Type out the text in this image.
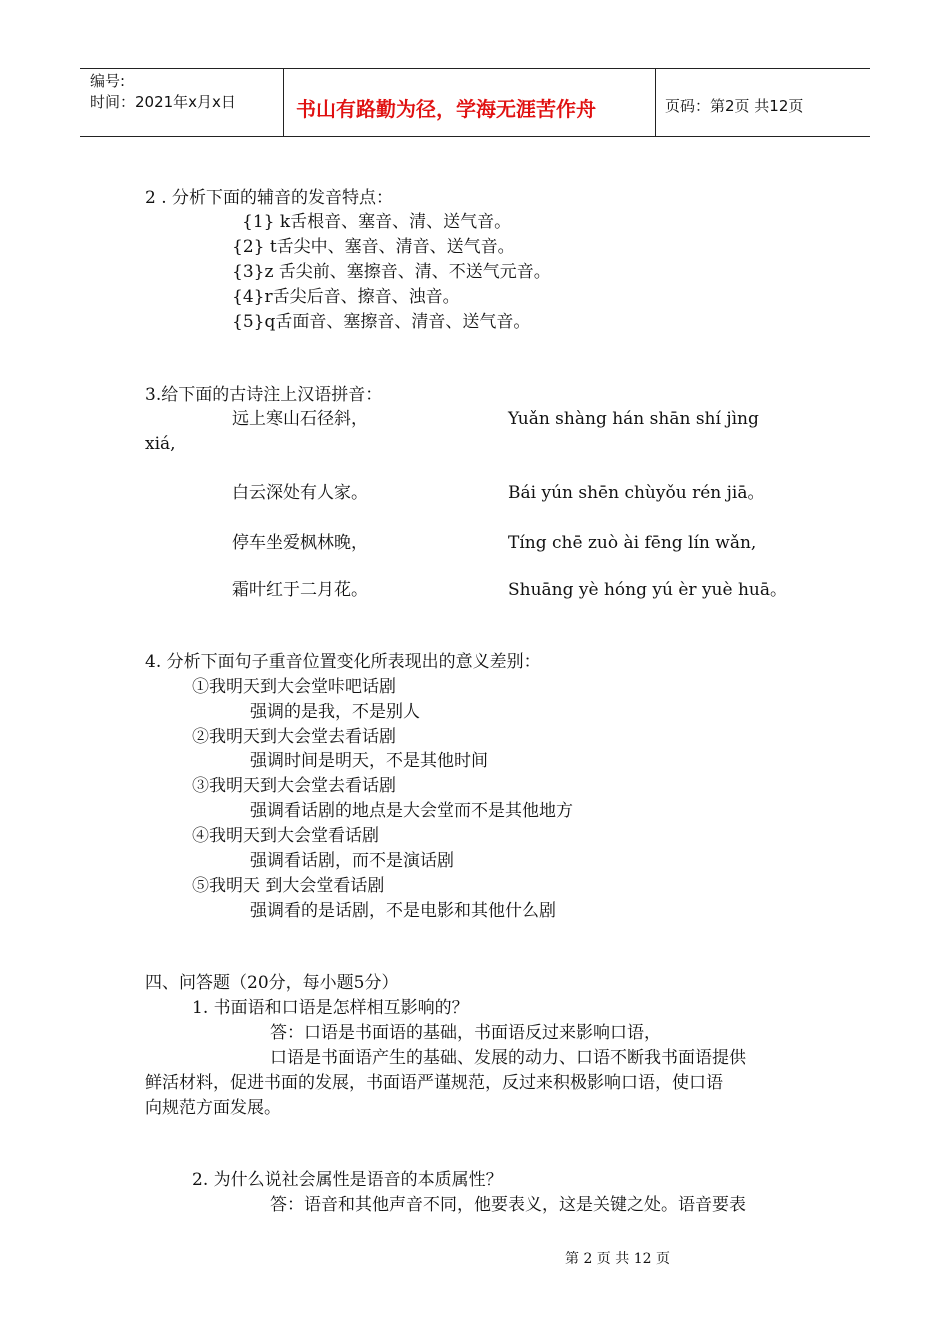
编号:
时间：2021年x月x日	书山有路勤为径，学海无涯苦作舟	页码：第2页 共12页
2 . 分析下面的辅音的发音特点：
{1} k舌根音、塞音、清、送气音。
{2} t舌尖中、塞音、清音、送气音。
{3}z 舌尖前、塞擦音、清、不送气元音。
{4}r舌尖后音、擦音、浊音。
{5}q舌面音、塞擦音、清音、送气音。
3.给下面的古诗注上汉语拼音：
远上寒山石径斜，	Yuǎn shàng hán shān shí jìng
xiá,
白云深处有人家。	Bái yún shēn chùyǒu rén jiā。
停车坐爱枫林晚，	Tíng chē zuò ài fēng lín wǎn,
霜叶红于二月花。	Shuāng yè hóng yú èr yuè huā。
4. 分析下面句子重音位置变化所表现出的意义差别：
①我明天到大会堂咔吧话剧
强调的是我，不是别人
②我明天到大会堂去看话剧
强调时间是明天，不是其他时间
③我明天到大会堂去看话剧
强调看话剧的地点是大会堂而不是其他地方
④我明天到大会堂看话剧
强调看话剧，而不是演话剧
⑤我明天 到大会堂看话剧
强调看的是话剧，不是电影和其他什么剧
四、问答题（20分，每小题5分）
1. 书面语和口语是怎样相互影响的？
答：口语是书面语的基础，书面语反过来影响口语，
口语是书面语产生的基础、发展的动力、口语不断我书面语提供
鲜活材料，促进书面的发展，书面语严谨规范，反过来积极影响口语，使口语
向规范方面发展。
2. 为什么说社会属性是语音的本质属性？
答：语音和其他声音不同，他要表义，这是关键之处。语音要表
第 2 页 共 12 页
